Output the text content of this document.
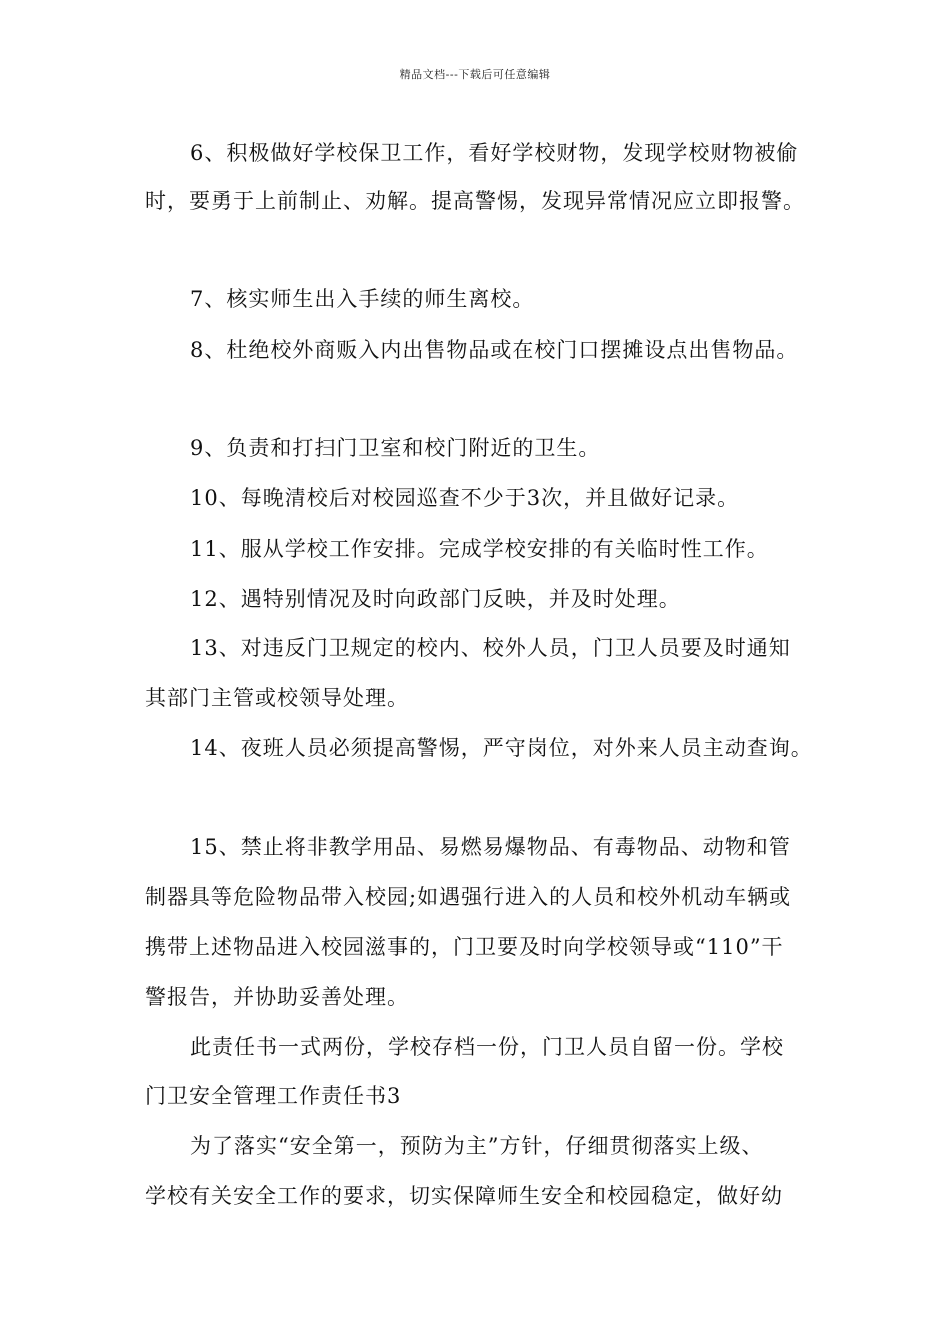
精品文档---下载后可任意编辑
6、积极做好学校保卫工作，看好学校财物，发现学校财物被偷
时，要勇于上前制止、劝解。提高警惕，发现异常情况应立即报警。
7、核实师生出入手续的师生离校。
8、杜绝校外商贩入内出售物品或在校门口摆摊设点出售物品。
9、负责和打扫门卫室和校门附近的卫生。
10、每晚清校后对校园巡查不少于3次，并且做好记录。
11、服从学校工作安排。完成学校安排的有关临时性工作。
12、遇特别情况及时向政部门反映，并及时处理。
13、对违反门卫规定的校内、校外人员，门卫人员要及时通知
其部门主管或校领导处理。
14、夜班人员必须提高警惕，严守岗位，对外来人员主动查询。
15、禁止将非教学用品、易燃易爆物品、有毒物品、动物和管
制器具等危险物品带入校园;如遇强行进入的人员和校外机动车辆或
携带上述物品进入校园滋事的，门卫要及时向学校领导或“110”干
警报告，并协助妥善处理。
此责任书一式两份，学校存档一份，门卫人员自留一份。学校
门卫安全管理工作责任书3
为了落实“安全第一，预防为主”方针，仔细贯彻落实上级、
学校有关安全工作的要求，切实保障师生安全和校园稳定，做好幼
